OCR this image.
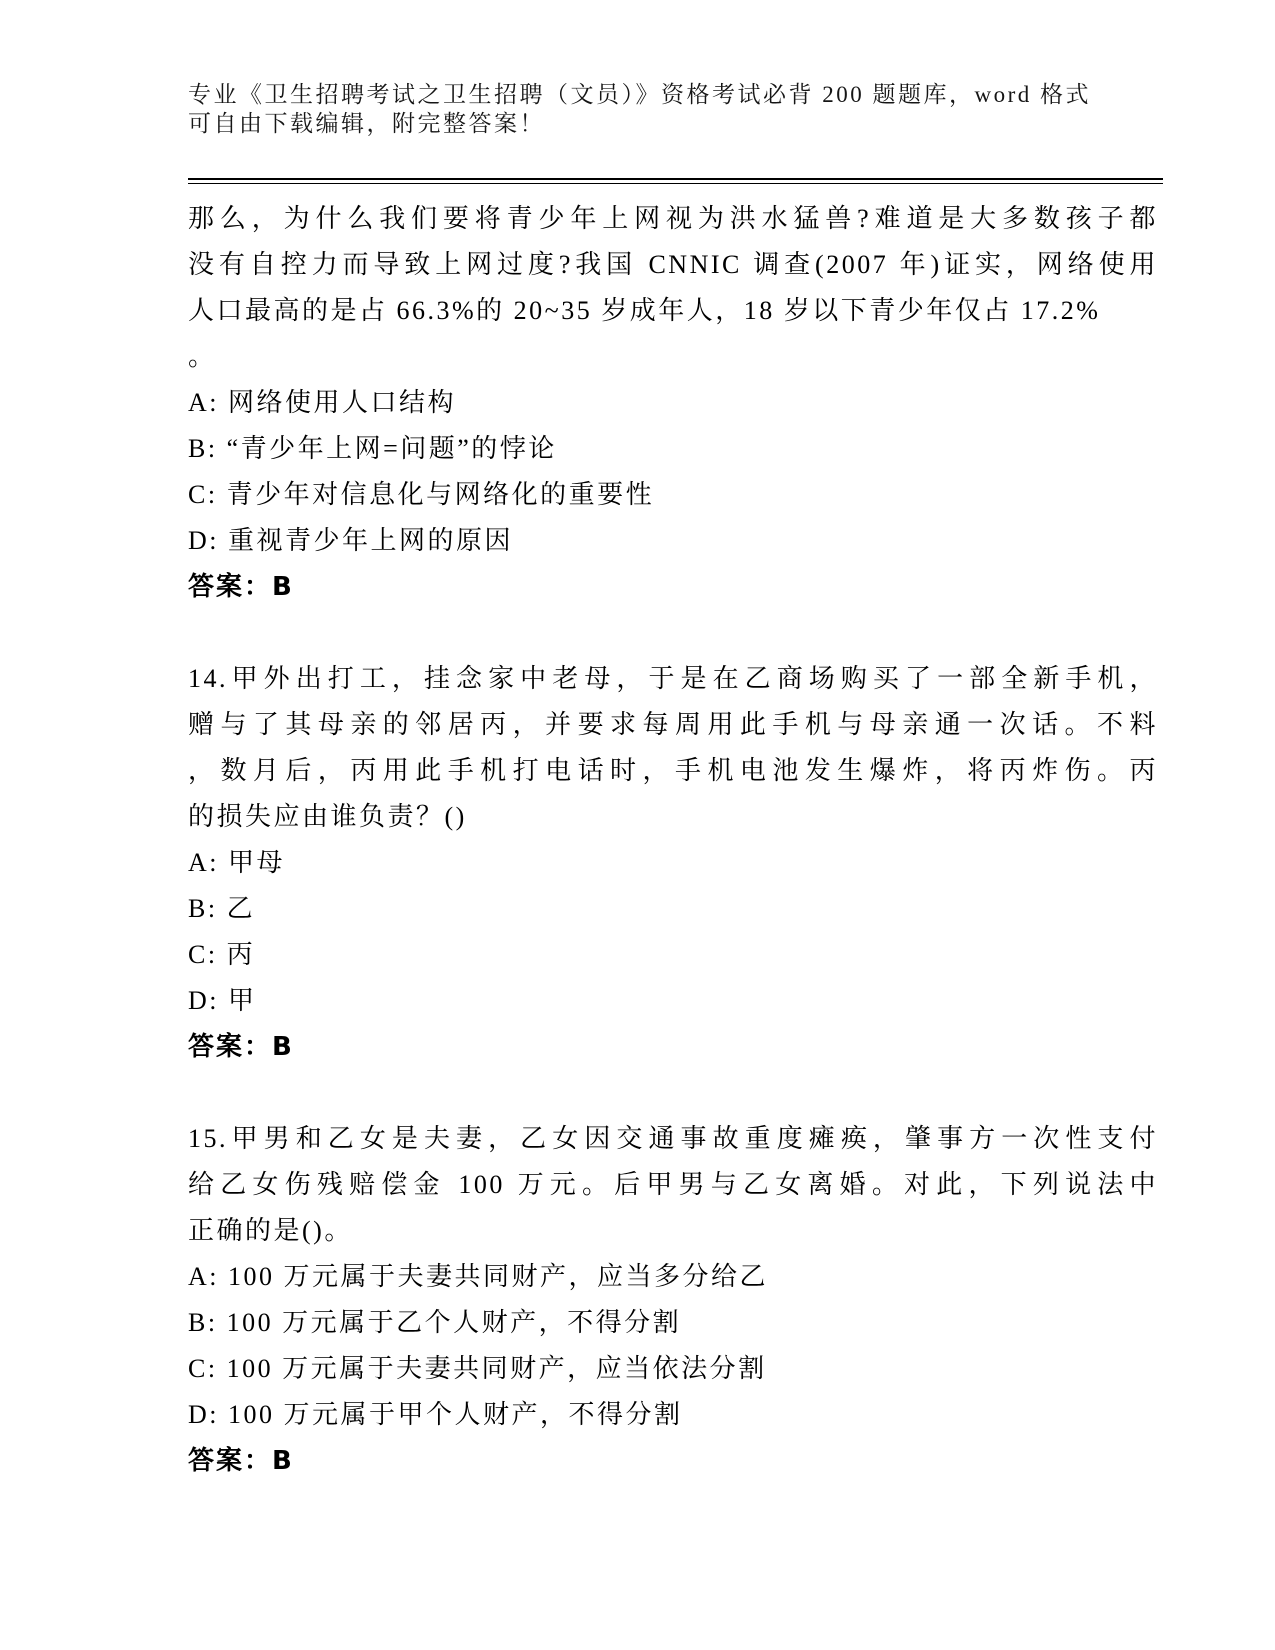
专业《卫生招聘考试之卫生招聘（文员）》资格考试必背 200 题题库，word 格式
可自由下载编辑，附完整答案！
那么，为什么我们要将青少年上网视为洪水猛兽?难道是大多数孩子都
没有自控力而导致上网过度?我国 CNNIC 调查(2007 年)证实，网络使用
人口最高的是占 66.3%的 20~35 岁成年人，18 岁以下青少年仅占 17.2%
。
A: 网络使用人口结构
B: “青少年上网=问题”的悖论
C: 青少年对信息化与网络化的重要性
D: 重视青少年上网的原因
答案：B
14.甲外出打工，挂念家中老母，于是在乙商场购买了一部全新手机，
赠与了其母亲的邻居丙，并要求每周用此手机与母亲通一次话。不料
，数月后，丙用此手机打电话时，手机电池发生爆炸，将丙炸伤。丙
的损失应由谁负责？()
A: 甲母
B: 乙
C: 丙
D: 甲
答案：B
15.甲男和乙女是夫妻，乙女因交通事故重度瘫痪，肇事方一次性支付
给乙女伤残赔偿金 100 万元。后甲男与乙女离婚。对此，下列说法中
正确的是()。
A: 100 万元属于夫妻共同财产，应当多分给乙
B: 100 万元属于乙个人财产，不得分割
C: 100 万元属于夫妻共同财产，应当依法分割
D: 100 万元属于甲个人财产，不得分割
答案：B
